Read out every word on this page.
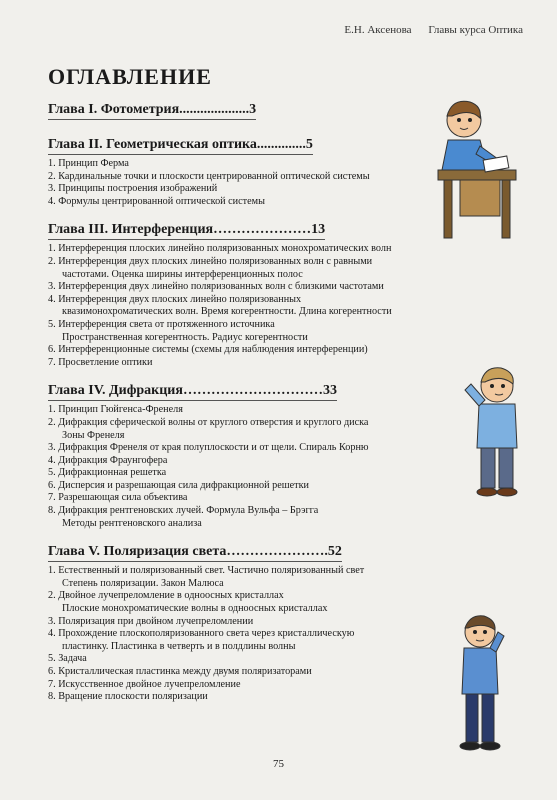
Е.Н. Аксенова Главы курса Оптика
ОГЛАВЛЕНИЕ
Глава I. Фотометрия....................3
Глава II. Геометрическая оптика..............5
1. Принцип Ферма
2. Кардинальные точки и плоскости центрированной оптической системы
3. Принципы построения изображений
4. Формулы центрированной оптической системы
Глава III. Интерференция…………………13
1. Интерференция плоских линейно поляризованных монохроматических волн
2. Интерференция двух плоских линейно поляризованных волн с равными
частотами. Оценка ширины интерференционных полос
3. Интерференция двух линейно поляризованных волн с близкими частотами
4. Интерференция двух плоских линейно поляризованных
квазимонохроматических волн. Время когерентности. Длина когерентности
5. Интерференция света от протяженного источника
Пространственная когерентность. Радиус когерентности
6. Интерференционные системы (схемы для наблюдения интерференции)
7. Просветление оптики
Глава IV. Дифракция…………………………33
1. Принцип Гюйгенса-Френеля
2. Дифракция сферической волны от круглого отверстия и круглого диска
Зоны Френеля
3. Дифракция Френеля от края полуплоскости и от щели. Спираль Корню
4. Дифракция Фраунгофера
5. Дифракционная решетка
6. Дисперсия и разрешающая сила дифракционной решетки
7. Разрешающая сила объектива
8. Дифракция рентгеновских лучей. Формула Вульфа – Брэгга
Методы рентгеновского анализа
Глава V. Поляризация света………………….52
1. Естественный и поляризованный свет. Частично поляризованный свет
Степень поляризации. Закон Малюса
2. Двойное лучепреломление в одноосных кристаллах
Плоские монохроматические волны в одноосных кристаллах
3. Поляризация при двойном лучепреломлении
4. Прохождение плоскополяризованного света через кристаллическую
пластинку. Пластинка в четверть и в полдлины волны
5. Задача
6. Кристаллическая пластинка между двумя поляризаторами
7. Искусственное двойное лучепреломление
8. Вращение плоскости поляризации
75
